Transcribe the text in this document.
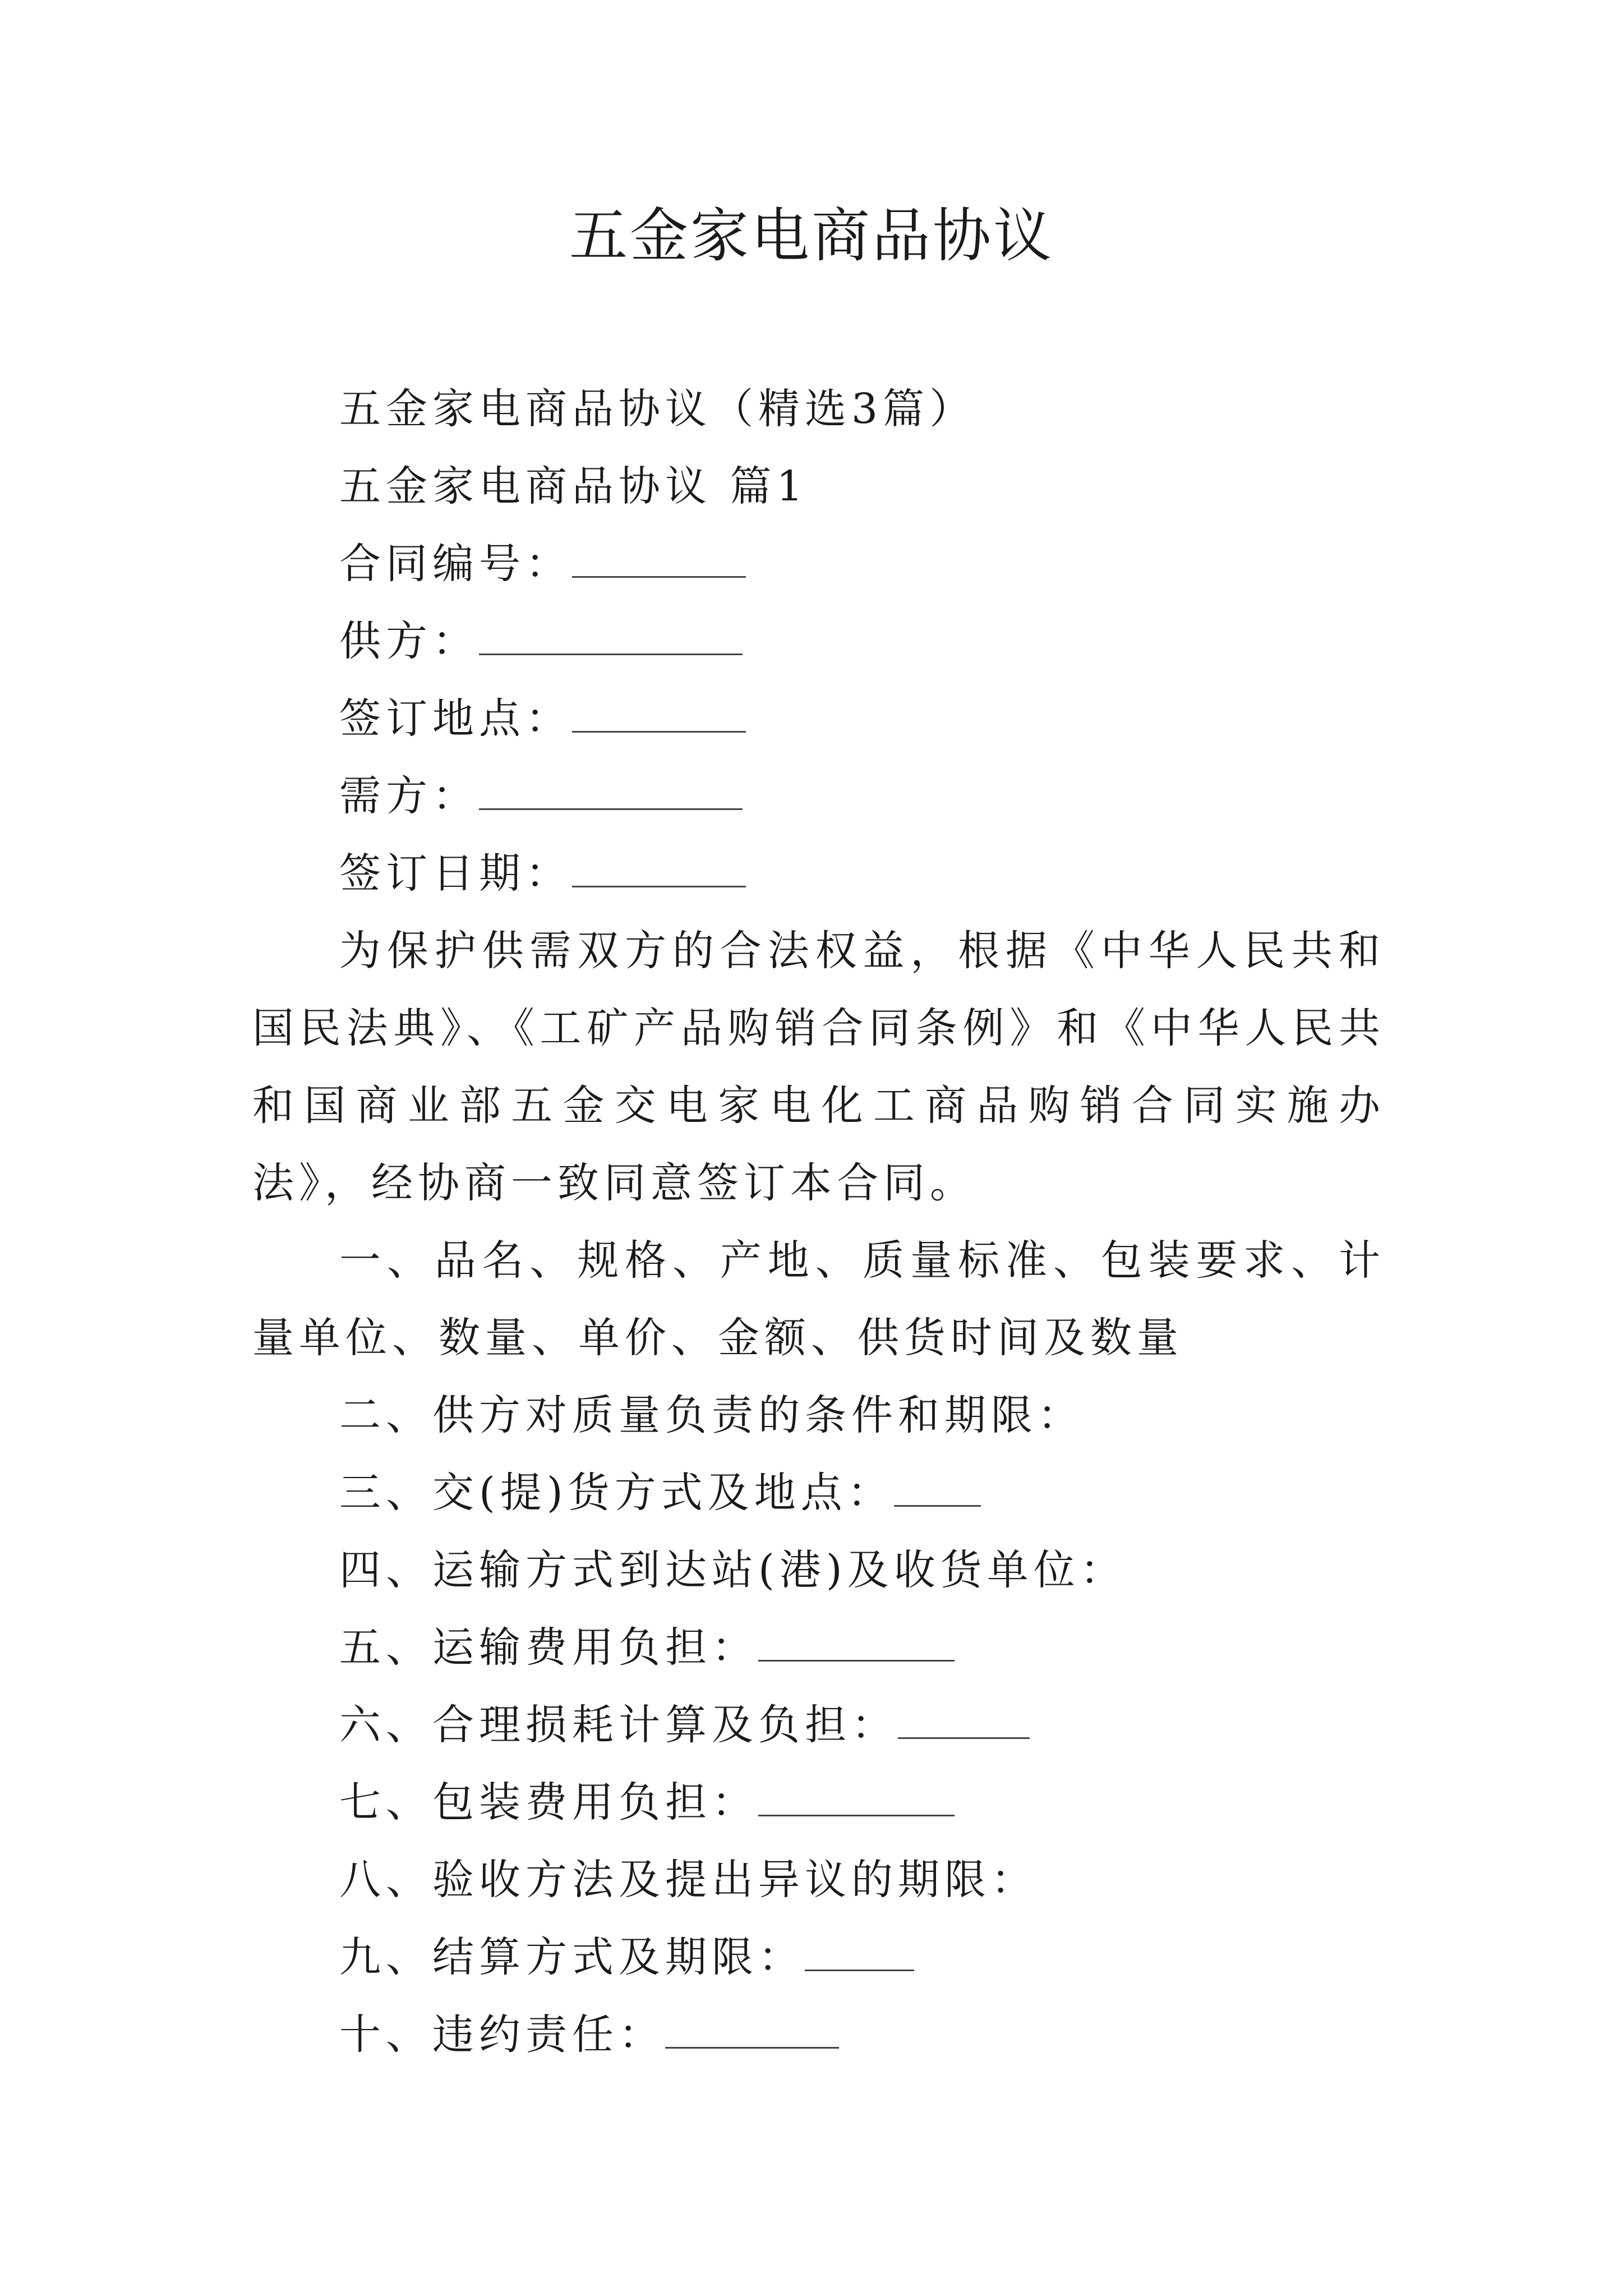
五金家电商品协议

五金家电商品协议（精选3篇）

五金家电商品协议 篇1

合同编号：

供方：

签订地点：

需方：

签订日期：

为保护供需双方的合法权益，根据《中华人民共和国民法典》、《工矿产品购销合同条例》和《中华人民共和国商业部五金交电家电化工商品购销合同实施办法》，经协商一致同意签订本合同。

一、品名、规格、产地、质量标准、包装要求、计量单位、数量、单价、金额、供货时间及数量

二、供方对质量负责的条件和期限：

三、交(提)货方式及地点：

四、运输方式到达站(港)及收货单位：

五、运输费用负担：

六、合理损耗计算及负担：

七、包装费用负担：

八、验收方法及提出异议的期限：

九、结算方式及期限：

十、违约责任：
